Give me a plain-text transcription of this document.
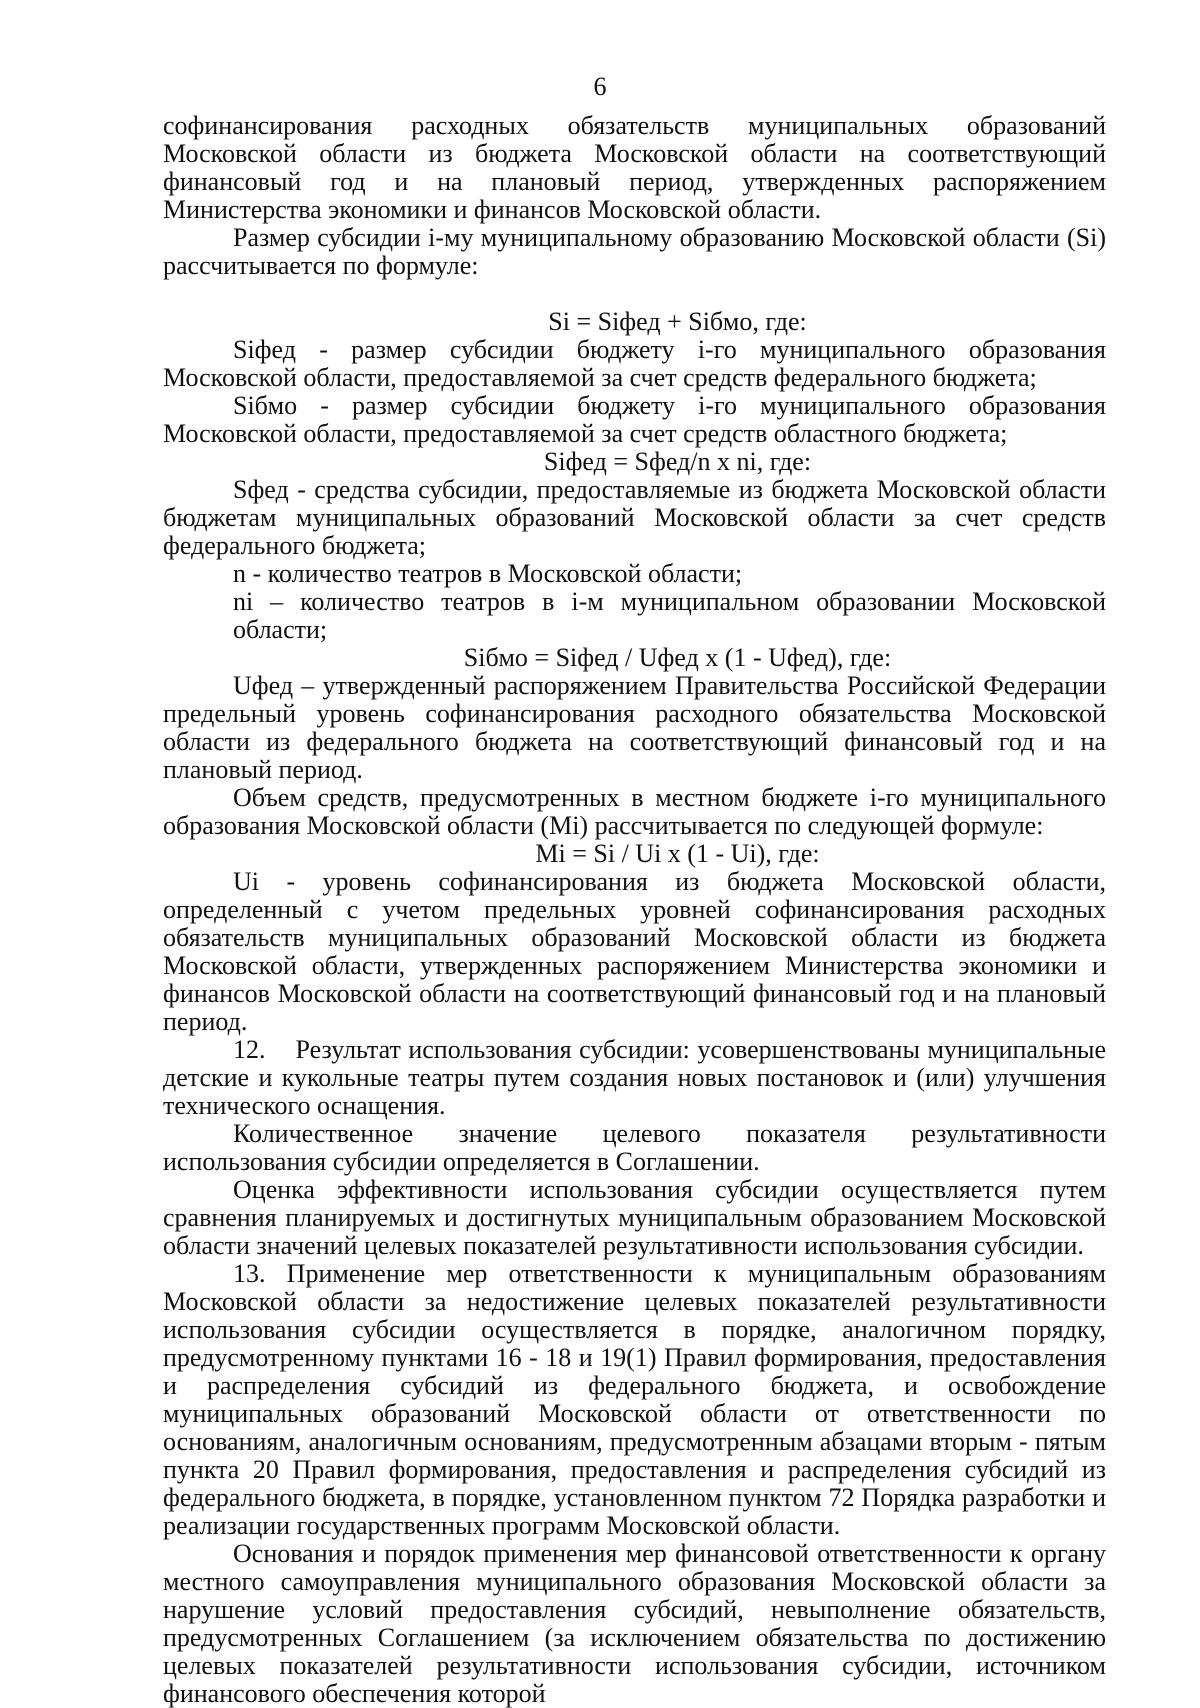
6

софинансирования расходных обязательств муниципальных образований Московской области из бюджета Московской области на соответствующий финансовый год и на плановый период, утвержденных распоряжением Министерства экономики и финансов Московской области.

Размер субсидии i-му муниципальному образованию Московской области (Si) рассчитывается по формуле:

Si = Siфед + Siбмо, где:

Siфед - размер субсидии бюджету i-го муниципального образования Московской области, предоставляемой за счет средств федерального бюджета;

Siбмо - размер субсидии бюджету i-го муниципального образования Московской области, предоставляемой за счет средств областного бюджета;

Siфед = Sфед/n x ni, где:

Sфед - средства субсидии, предоставляемые из бюджета Московской области бюджетам муниципальных образований Московской области за счет средств федерального бюджета;

n - количество театров в Московской области;

ni – количество театров в i-м муниципальном образовании Московской области;

Siбмо = Siфед / Uфед x (1 - Uфед), где:

Uфед – утвержденный распоряжением Правительства Российской Федерации предельный уровень софинансирования расходного обязательства Московской области из федерального бюджета на соответствующий финансовый год и на плановый период.

Объем средств, предусмотренных в местном бюджете i-го муниципального образования Московской области (Mi) рассчитывается по следующей формуле:

Mi = Si / Ui x (1 - Ui), где:

Ui - уровень софинансирования из бюджета Московской области, определенный с учетом предельных уровней софинансирования расходных обязательств муниципальных образований Московской области из бюджета Московской области, утвержденных распоряжением Министерства экономики и финансов Московской области на соответствующий финансовый год и на плановый период.

12.    Результат использования субсидии: усовершенствованы муниципальные детские и кукольные театры путем создания новых постановок и (или) улучшения технического оснащения.

Количественное значение целевого показателя результативности использования субсидии определяется в Соглашении.

Оценка эффективности использования субсидии осуществляется путем сравнения планируемых и достигнутых муниципальным образованием Московской области значений целевых показателей результативности использования субсидии.

13. Применение мер ответственности к муниципальным образованиям Московской области за недостижение целевых показателей результативности использования субсидии осуществляется в порядке, аналогичном порядку, предусмотренному пунктами 16 - 18 и 19(1) Правил формирования, предоставления и распределения субсидий из федерального бюджета, и освобождение муниципальных образований Московской области от ответственности по основаниям, аналогичным основаниям, предусмотренным абзацами вторым - пятым пункта 20 Правил формирования, предоставления и распределения субсидий из федерального бюджета, в порядке, установленном пунктом 72 Порядка разработки и реализации государственных программ Московской области.

Основания и порядок применения мер финансовой ответственности к органу местного самоуправления муниципального образования Московской области за нарушение условий предоставления субсидий, невыполнение обязательств, предусмотренных Соглашением (за исключением обязательства по достижению целевых показателей результативности использования субсидии, источником финансового обеспечения которой
